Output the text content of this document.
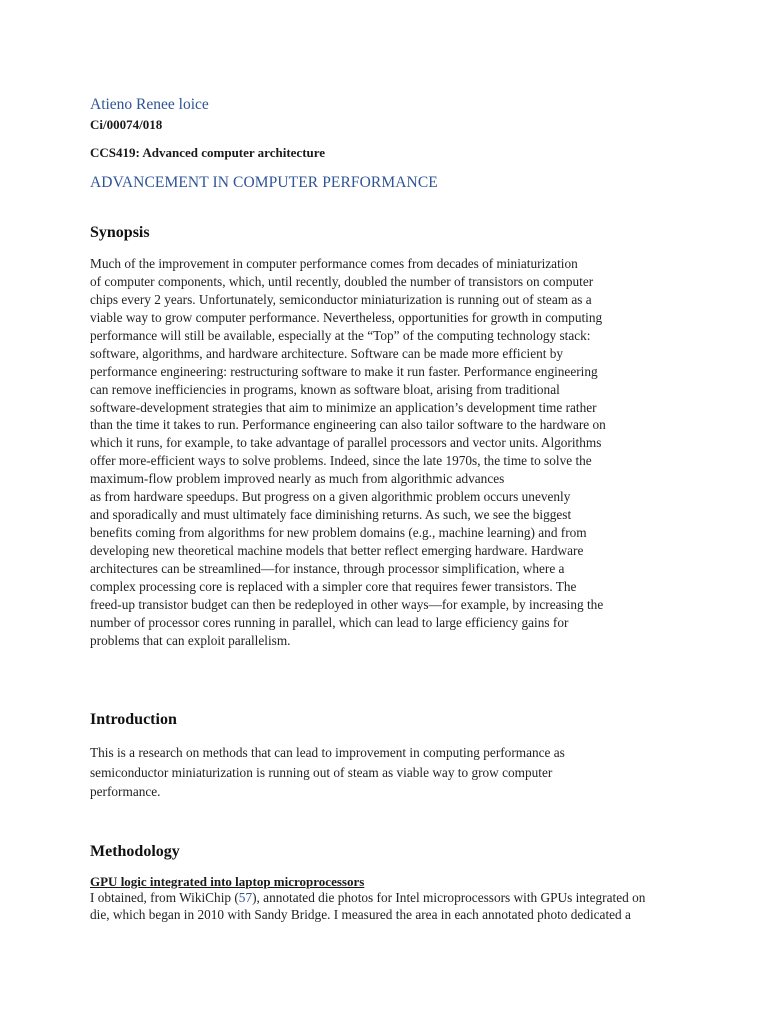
Atieno Renee loice
Ci/00074/018
CCS419: Advanced computer architecture
ADVANCEMENT IN COMPUTER PERFORMANCE
Synopsis
Much of the improvement in computer performance comes from decades of miniaturization
of computer components, which, until recently, doubled the number of transistors on computer
chips every 2 years. Unfortunately, semiconductor miniaturization is running out of steam as a
viable way to grow computer performance. Nevertheless, opportunities for growth in computing
performance will still be available, especially at the “Top” of the computing technology stack:
software, algorithms, and hardware architecture. Software can be made more efficient by
performance engineering: restructuring software to make it run faster. Performance engineering
can remove inefficiencies in programs, known as software bloat, arising from traditional
software-development strategies that aim to minimize an application’s development time rather
than the time it takes to run. Performance engineering can also tailor software to the hardware on
which it runs, for example, to take advantage of parallel processors and vector units. Algorithms
offer more-efficient ways to solve problems. Indeed, since the late 1970s, the time to solve the
maximum-flow problem improved nearly as much from algorithmic advances
as from hardware speedups. But progress on a given algorithmic problem occurs unevenly
and sporadically and must ultimately face diminishing returns. As such, we see the biggest
benefits coming from algorithms for new problem domains (e.g., machine learning) and from
developing new theoretical machine models that better reflect emerging hardware. Hardware
architectures can be streamlined—for instance, through processor simplification, where a
complex processing core is replaced with a simpler core that requires fewer transistors. The
freed-up transistor budget can then be redeployed in other ways—for example, by increasing the
number of processor cores running in parallel, which can lead to large efficiency gains for
problems that can exploit parallelism.
Introduction
This is a research on methods that can lead to improvement in computing performance as
semiconductor miniaturization is running out of steam as viable way to grow computer
performance.
Methodology
GPU logic integrated into laptop microprocessors
I obtained, from WikiChip (57), annotated die photos for Intel microprocessors with GPUs integrated on
die, which began in 2010 with Sandy Bridge. I measured the area in each annotated photo dedicated a
